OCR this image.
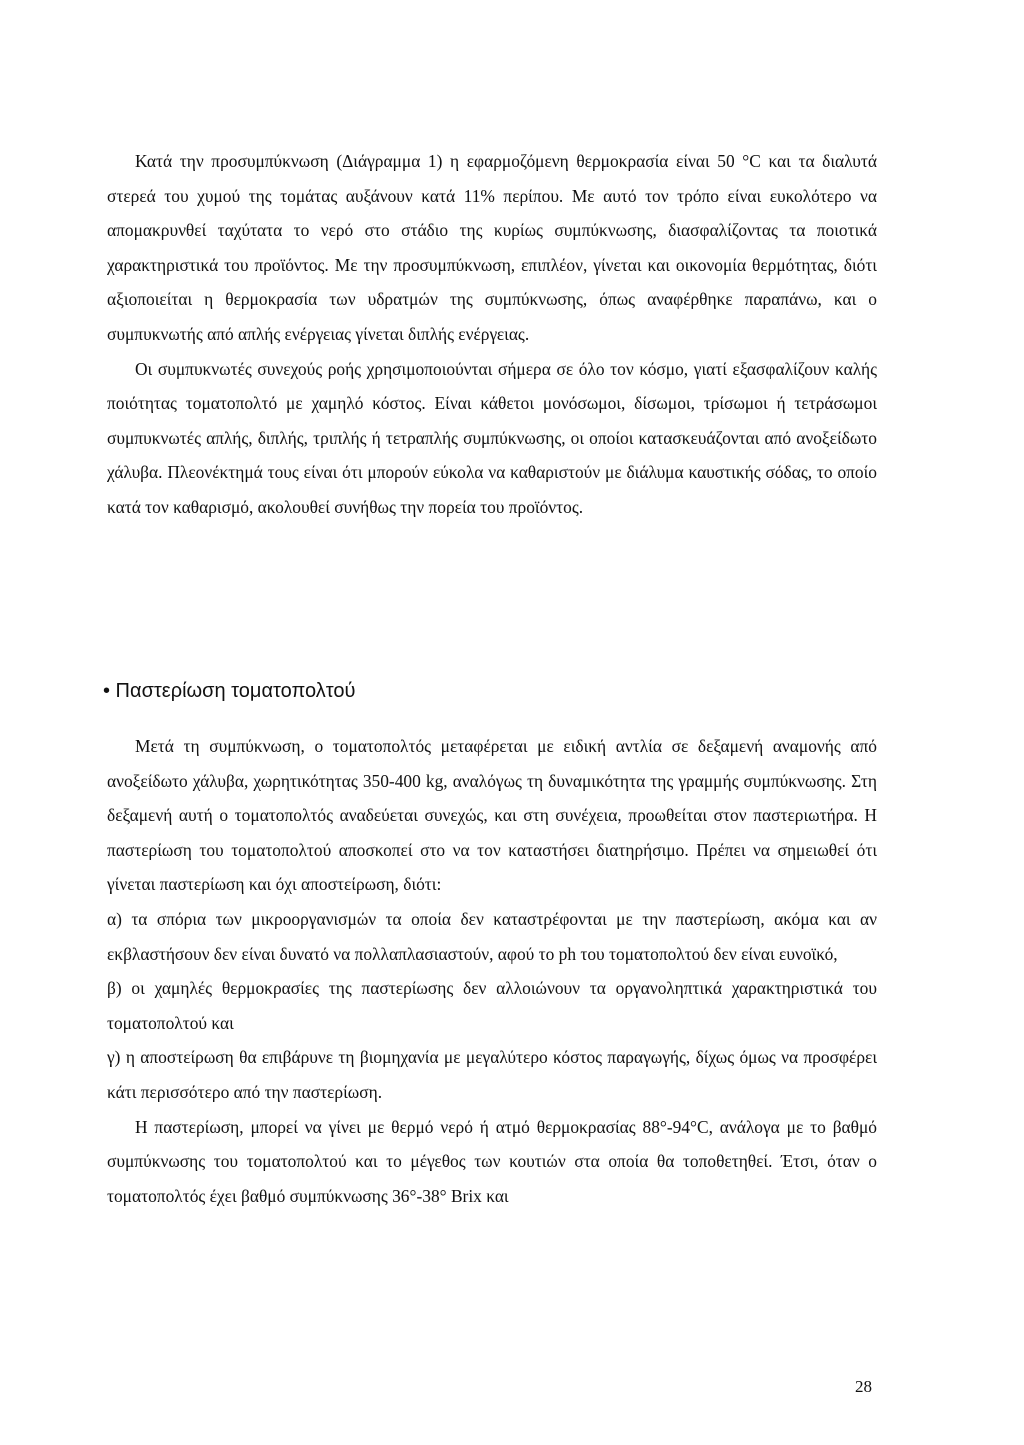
Κατά την προσυμπύκνωση (Διάγραμμα 1) η εφαρμοζόμενη θερμοκρασία είναι 50 °C και τα διαλυτά στερεά του χυμού της τομάτας αυξάνουν κατά 11% περίπου. Με αυτό τον τρόπο είναι ευκολότερο να απομακρυνθεί ταχύτατα το νερό στο στάδιο της κυρίως συμπύκνωσης, διασφαλίζοντας τα ποιοτικά χαρακτηριστικά του προϊόντος. Με την προσυμπύκνωση, επιπλέον, γίνεται και οικονομία θερμότητας, διότι αξιοποιείται η θερμοκρασία των υδρατμών της συμπύκνωσης, όπως αναφέρθηκε παραπάνω, και ο συμπυκνωτής από απλής ενέργειας γίνεται διπλής ενέργειας.

Οι συμπυκνωτές συνεχούς ροής χρησιμοποιούνται σήμερα σε όλο τον κόσμο, γιατί εξασφαλίζουν καλής ποιότητας τοματοπολτό με χαμηλό κόστος. Είναι κάθετοι μονόσωμοι, δίσωμοι, τρίσωμοι ή τετράσωμοι συμπυκνωτές απλής, διπλής, τριπλής ή τετραπλής συμπύκνωσης, οι οποίοι κατασκευάζονται από ανοξείδωτο χάλυβα. Πλεονέκτημά τους είναι ότι μπορούν εύκολα να καθαριστούν με διάλυμα καυστικής σόδας, το οποίο κατά τον καθαρισμό, ακολουθεί συνήθως την πορεία του προϊόντος.

• Παστερίωση τοματοπολτού

Μετά τη συμπύκνωση, ο τοματοπολτός μεταφέρεται με ειδική αντλία σε δεξαμενή αναμονής από ανοξείδωτο χάλυβα, χωρητικότητας 350-400 kg, αναλόγως τη δυναμικότητα της γραμμής συμπύκνωσης. Στη δεξαμενή αυτή ο τοματοπολτός αναδεύεται συνεχώς, και στη συνέχεια, προωθείται στον παστεριωτήρα. Η παστερίωση του τοματοπολτού αποσκοπεί στο να τον καταστήσει διατηρήσιμο. Πρέπει να σημειωθεί ότι γίνεται παστερίωση και όχι αποστείρωση, διότι:

α) τα σπόρια των μικροοργανισμών τα οποία δεν καταστρέφονται με την παστερίωση, ακόμα και αν εκβλαστήσουν δεν είναι δυνατό να πολλαπλασιαστούν, αφού το ph του τοματοπολτού δεν είναι ευνοϊκό,

β) οι χαμηλές θερμοκρασίες της παστερίωσης δεν αλλοιώνουν τα οργανοληπτικά χαρακτηριστικά του τοματοπολτού και

γ) η αποστείρωση θα επιβάρυνε τη βιομηχανία με μεγαλύτερο κόστος παραγωγής, δίχως όμως να προσφέρει κάτι περισσότερο από την παστερίωση.

Η παστερίωση, μπορεί να γίνει με θερμό νερό ή ατμό θερμοκρασίας 88°-94°C, ανάλογα με το βαθμό συμπύκνωσης του τοματοπολτού και το μέγεθος των κουτιών στα οποία θα τοποθετηθεί. Έτσι, όταν ο τοματοπολτός έχει βαθμό συμπύκνωσης 36°-38° Brix και

28
